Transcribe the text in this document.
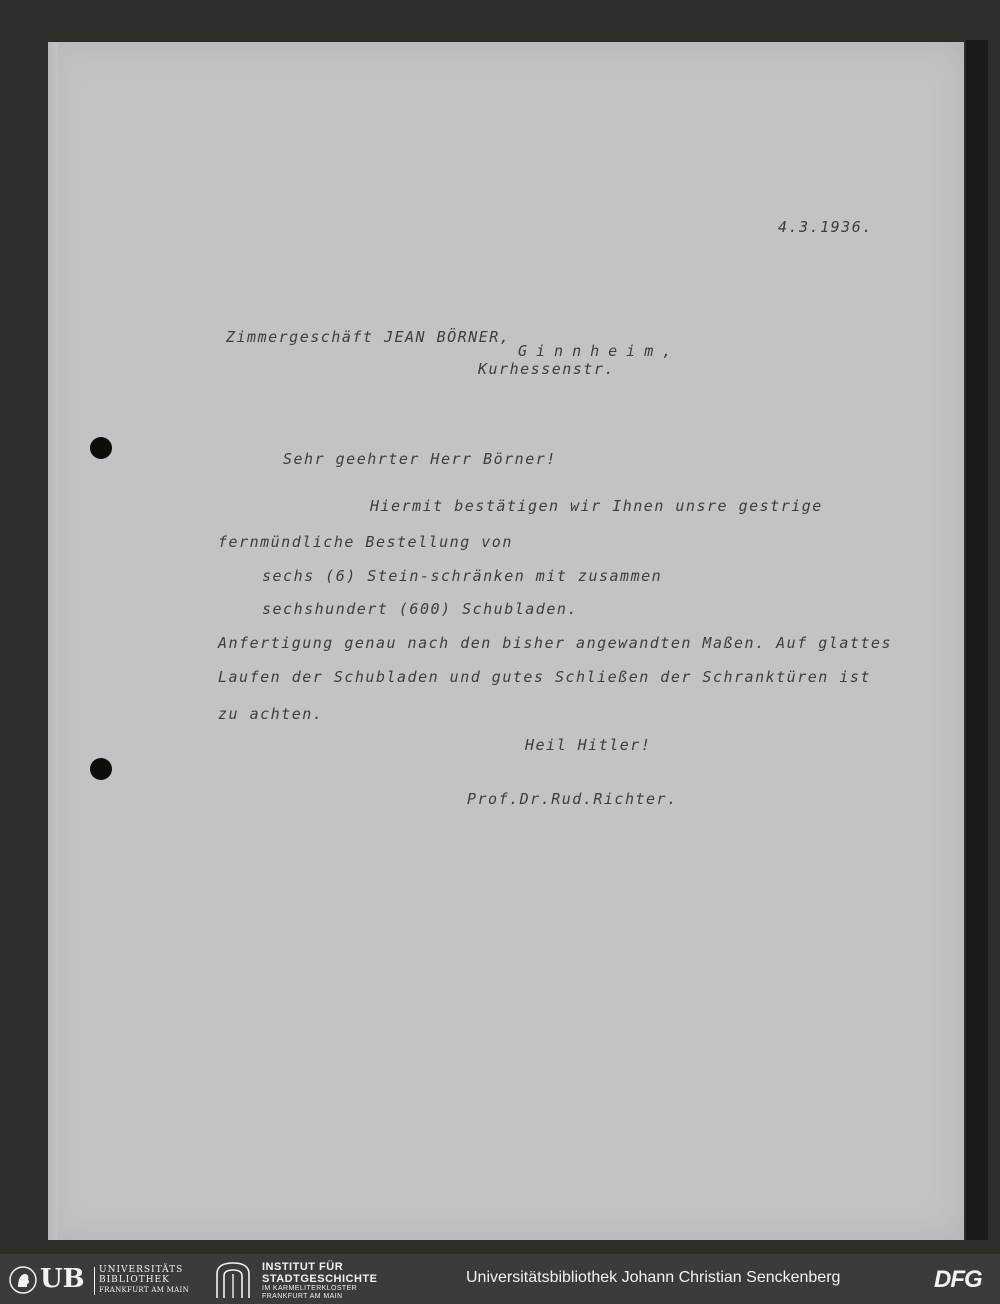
4.3.1936.
Zimmergeschäft JEAN BÖRNER,
Ginnheim,
Kurhessenstr.
Sehr geehrter Herr Börner!
Hiermit bestätigen wir Ihnen unsre gestrige
fernmündliche Bestellung von
sechs (6) Stein-schränken mit zusammen
sechshundert (600) Schubladen.
Anfertigung genau nach den bisher angewandten Maßen. Auf glattes
Laufen der Schubladen und gutes Schließen der Schranktüren ist
zu achten.
Heil Hitler!
Prof.Dr.Rud.Richter.
UB UNIVERSITÄTS
BIBLIOTHEK
FRANKFURT AM MAIN
INSTITUT FÜR
STADTGESCHICHTE
IM KARMELITERKLOSTER
FRANKFURT AM MAIN
Universitätsbibliothek Johann Christian Senckenberg	DFG
